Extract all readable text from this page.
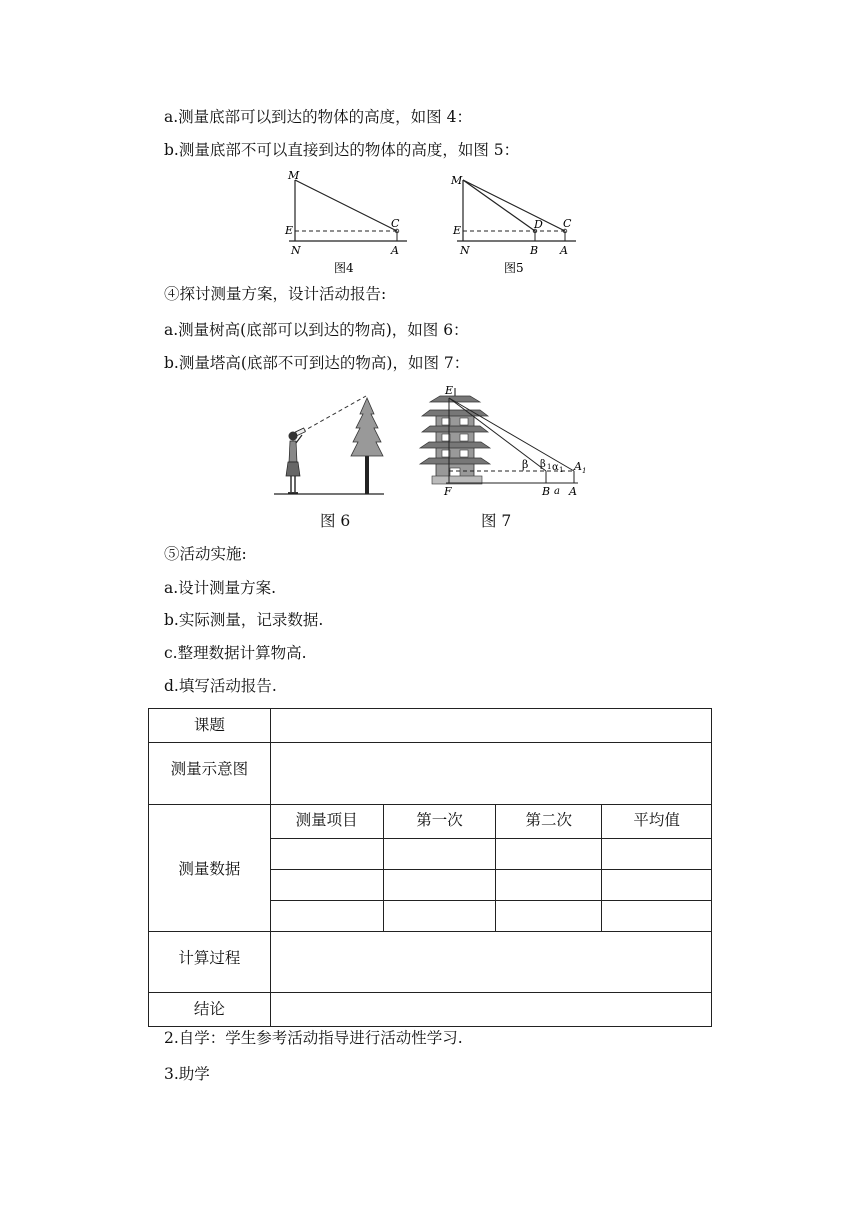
a.测量底部可以到达的物体的高度，如图 4：
b.测量底部不可以直接到达的物体的高度，如图 5：
M
E
N
C
A
图4
M
E
N
D C
B A
图5
④探讨测量方案，设计活动报告:
a.测量树高(底部可以到达的物高)，如图 6：
b.测量塔高(底部不可到达的物高)，如图 7：
图 6
E
F	B a A
A 1
β β 1 α 1
图 7
⑤活动实施:
a.设计测量方案.
b.实际测量，记录数据.
c.整理数据计算物高.
d.填写活动报告.
课题				
测量示意图				
测量数据	测量项目	第一次	第二次	平均值

计算过程				
结论				
2.自学：学生参考活动指导进行活动性学习.
3.助学
